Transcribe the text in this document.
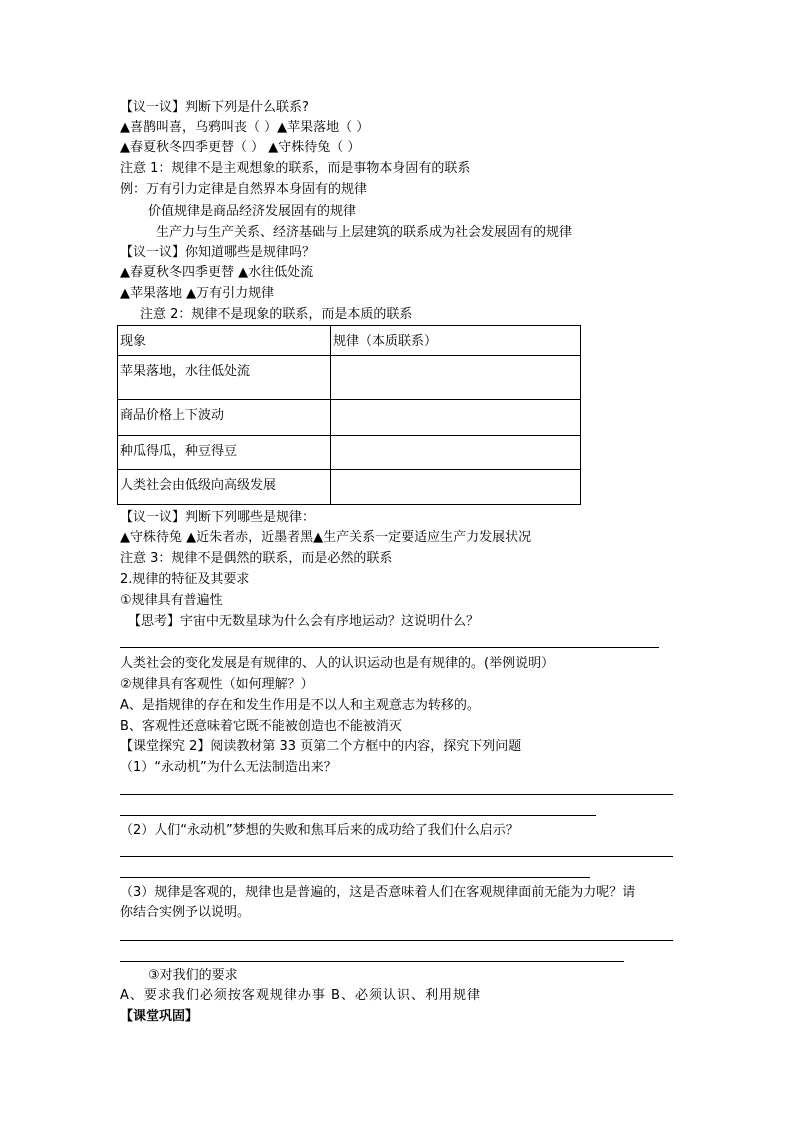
【议一议】判断下列是什么联系?
▲喜鹊叫喜，乌鸦叫丧（ ）▲苹果落地（ ）
▲春夏秋冬四季更替（ ） ▲守株待兔（ ）
注意 1：规律不是主观想象的联系，而是事物本身固有的联系
例：万有引力定律是自然界本身固有的规律
价值规律是商品经济发展固有的规律
生产力与生产关系、经济基础与上层建筑的联系成为社会发展固有的规律
【议一议】你知道哪些是规律吗？
▲春夏秋冬四季更替 ▲水往低处流
▲苹果落地 ▲万有引力规律
注意 2：规律不是现象的联系，而是本质的联系
现象	规律（本质联系）
苹果落地，水往低处流	
商品价格上下波动	
种瓜得瓜，种豆得豆	
人类社会由低级向高级发展	
【议一议】判断下列哪些是规律：
▲守株待兔 ▲近朱者赤，近墨者黑▲生产关系一定要适应生产力发展状况
注意 3：规律不是偶然的联系，而是必然的联系
2.规律的特征及其要求
①规律具有普遍性
【思考】宇宙中无数星球为什么会有序地运动？这说明什么？
人类社会的变化发展是有规律的、人的认识运动也是有规律的。(举例说明）
②规律具有客观性（如何理解？）
A、是指规律的存在和发生作用是不以人和主观意志为转移的。
B、客观性还意味着它既不能被创造也不能被消灭
【课堂探究 2】阅读教材第 33 页第二个方框中的内容，探究下列问题
（1）“永动机”为什么无法制造出来？
（2）人们“永动机”梦想的失败和焦耳后来的成功给了我们什么启示？
（3）规律是客观的，规律也是普遍的，这是否意味着人们在客观规律面前无能为力呢？请
你结合实例予以说明。
③对我们的要求
A、要求我们必须按客观规律办事 B、必须认识、利用规律
【课堂巩固】
